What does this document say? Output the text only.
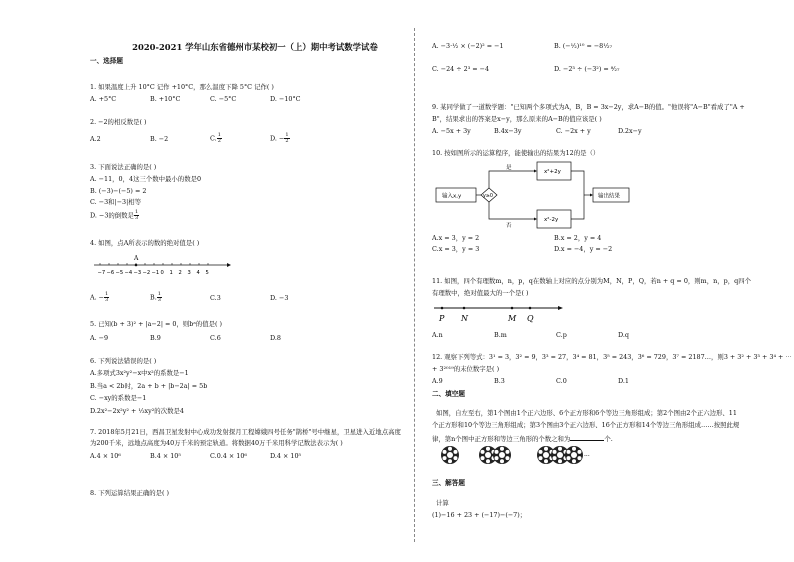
2020-2021 学年山东省德州市某校初一（上）期中考试数学试卷
一、选择题
1. 如果温度上升 10°C 记作 +10°C，那么温度下降 5°C 记作( )
A. +5°C	B. +10°C	C. −5°C	D. −10°C
2. −2的相反数是( )
A.2	B. −2	C. $\frac{1}{2}$	D. − $\frac{1}{2}$
3. 下面说法正确的是( )
A. −11，0，4这三个数中最小的数是0
B. (−3)−(−5) = 2
C. −3和|−3|相等
D. −3的倒数是 $\frac{1}{3}$
4. 如图，点A所表示的数的绝对值是( )
A
−7 −6 −5 −4 −3 −2 −1 0 1 2 3 4 5
A. − $\frac{1}{3}$	B. $\frac{1}{3}$	C.3	D. −3
5. 已知(b + 3)² + |a−2| = 0，则bᵃ的值是( )
A. −9	B.9	C.6	D.8
6. 下列说法错误的是( )
A.多项式3x²y²−x中x²的系数是−1
B.当a < 2b时，2a + b + |b−2a| = 5b
C. −xy的系数是−1
D.2x²−2x²y² + ¹⁄₃xy²的次数是4
7. 2018年5月21日，西昌卫星发射中心成功发射探月工程嫦娥四号任务"鹊桥"号中继星，卫星进入近地点高度
为200千米，远地点高度为40万千米的预定轨道。将数据40万千米用科学记数法表示为( )
A.4 × 10⁶	B.4 × 10⁵	C.0.4 × 10⁶	D.4 × 10⁵
8. 下列运算结果正确的是( )
A. −3·¹⁄₂ × (−2)² = −1	B. (−¹⁄₂)¹⁰ = −8¹⁄₂₇
C. −24 ÷ 2³ = −4	D. −2³ ÷ (−3²) = ⁸⁄₂₇
9. 某同学做了一道数学题："已知两个多项式为A，B，B = 3x−2y，求A−B的值。"他误将"A−B"看成了"A +
B"，结果求出的答案是x−y，那么原来的A−B的值应该是( )
A. −5x + 3y	B.4x−3y	C. −2x + y	D.2x−y
10. 按如图所示的运算程序，能使输出的结果为12的是（）
输入x,y	y≥0
是
否
x²+2y
x²-2y
输出结果
A.x = 3，y = 2	B.x = 2，y = 4
C.x = 3，y = 3	D.x = −4，y = −2
11. 如图，四个有理数m，n，p，q在数轴上对应的点分别为M，N，P，Q，若n + q = 0，则m，n，p，q四个
有理数中，绝对值最大的一个是( )
P N	M Q
A.n	B.m	C.p	D.q
12. 观察下列等式：3¹ = 3，3² = 9，3³ = 27，3⁴ = 81，3⁵ = 243，3⁶ = 729，3⁷ = 2187…，则3 + 3² + 3³ + 3⁴ + ⋯
+ 3²⁰¹⁹的末位数字是( )
A.9	B.3	C.0	D.1
二、填空题
如图，自左至右，第1个图由1个正六边形、6个正方形和6个等边三角形组成；第2个图由2个正六边形、11
个正方形和10个等边三角形组成；第3个图由3个正六边形、16个正方形和14个等边三角形组成……按照此规
律，第n个图中正方形和等边三角形的个数之和为	个.
...
三、解答题
计算
(1)−16 + 23 + (−17)−(−7)；
